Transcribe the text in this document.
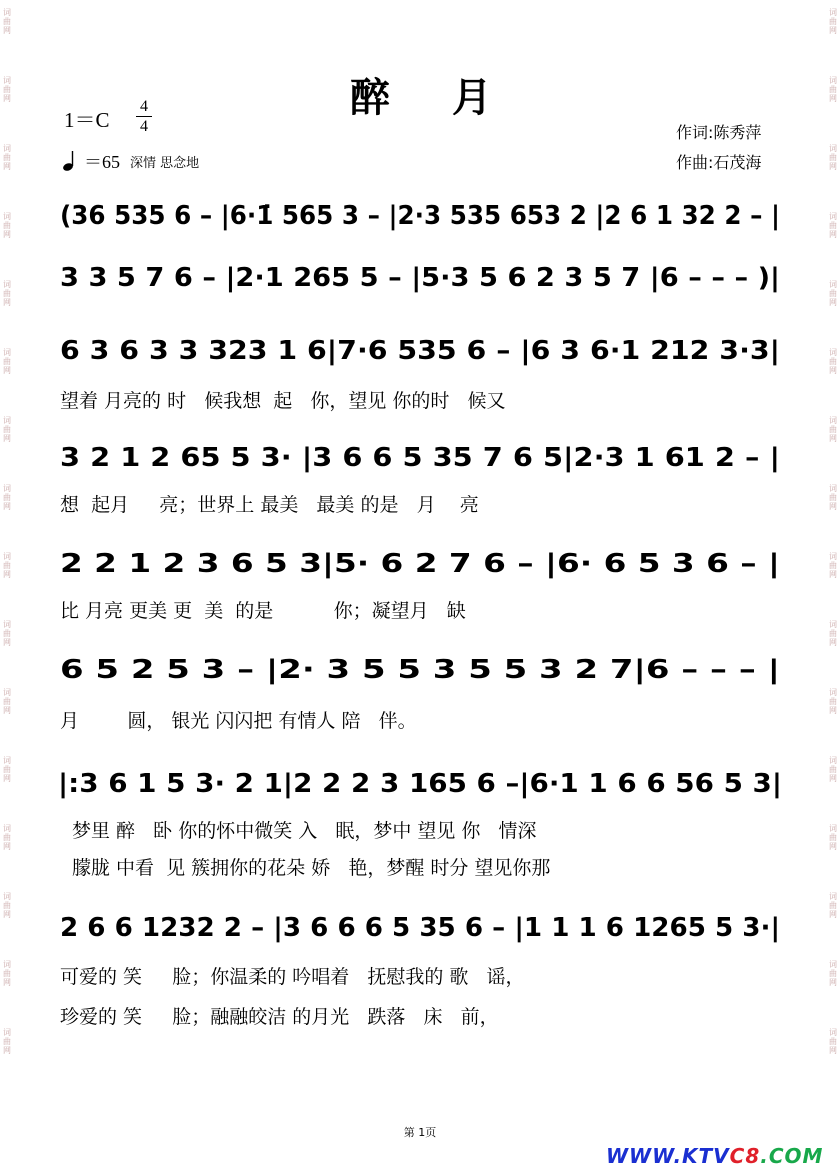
词
曲
网
词
曲
网
词
曲
网
词
曲
网
词
曲
网
词
曲
网
词
曲
网
词
曲
网
词
曲
网
词
曲
网
词
曲
网
词
曲
网
词
曲
网
词
曲
网
词
曲
网
词
曲
网
词
曲
网
词
曲
网
词
曲
网
词
曲
网
词
曲
网
词
曲
网
词
曲
网
词
曲
网
词
曲
网
词
曲
网
词
曲
网
词
曲
网
词
曲
网
词
曲
网
词
曲
网
词
曲
网
醉 月
1＝C
4
4
＝65 深情 思念地
作词:陈秀萍
作曲:石茂海
(36 535 6 – |6·1̇ 565 3 – |2·3 535 653 2 |2 6 1 32 2 – |
3 3 5 7 6 – |2·1 265 5 – |5·3 5 6 2 3 5 7 |6 – – – )|
6 3 6 3 3 323 1 6|7·6 535 6 – |6 3 6·1 212 3·3|
望着 月亮的 时   候我想  起   你，望见 你的时   候又
3 2 1 2 65 5 3· |3 6 6 5 35 7 6 5|2·3 1 61 2 – |
想  起月     亮；世界上 最美   最美 的是   月    亮
2 2 1 2 3 6 5 3|5· 6 2 7 6 – |6· 6 5 3 6 – |
比 月亮 更美 更  美  的是          你；凝望月   缺
6 5 2 5 3 – |2· 3 5 5 3 5 5 3 2 7|6 – – – |
月        圆， 银光 闪闪把 有情人 陪   伴。
|:3 6 1 5 3· 2 1|2 2 2 3 165 6 –|6·1 1 6 6 56 5 3|
梦里 醉   卧 你的怀中微笑 入   眠，梦中 望见 你   情深
朦胧 中看  见 簇拥你的花朵 娇   艳，梦醒 时分 望见你那
2 6 6 1232 2 – |3 6 6 6 5 35 6 – |1 1 1 6 1265 5 3·|
可爱的 笑     脸；你温柔的 吟唱着   抚慰我的 歌   谣，
珍爱的 笑     脸；融融皎洁 的月光   跌落   床   前，
第 1页
WWW.KTVC8.COM
